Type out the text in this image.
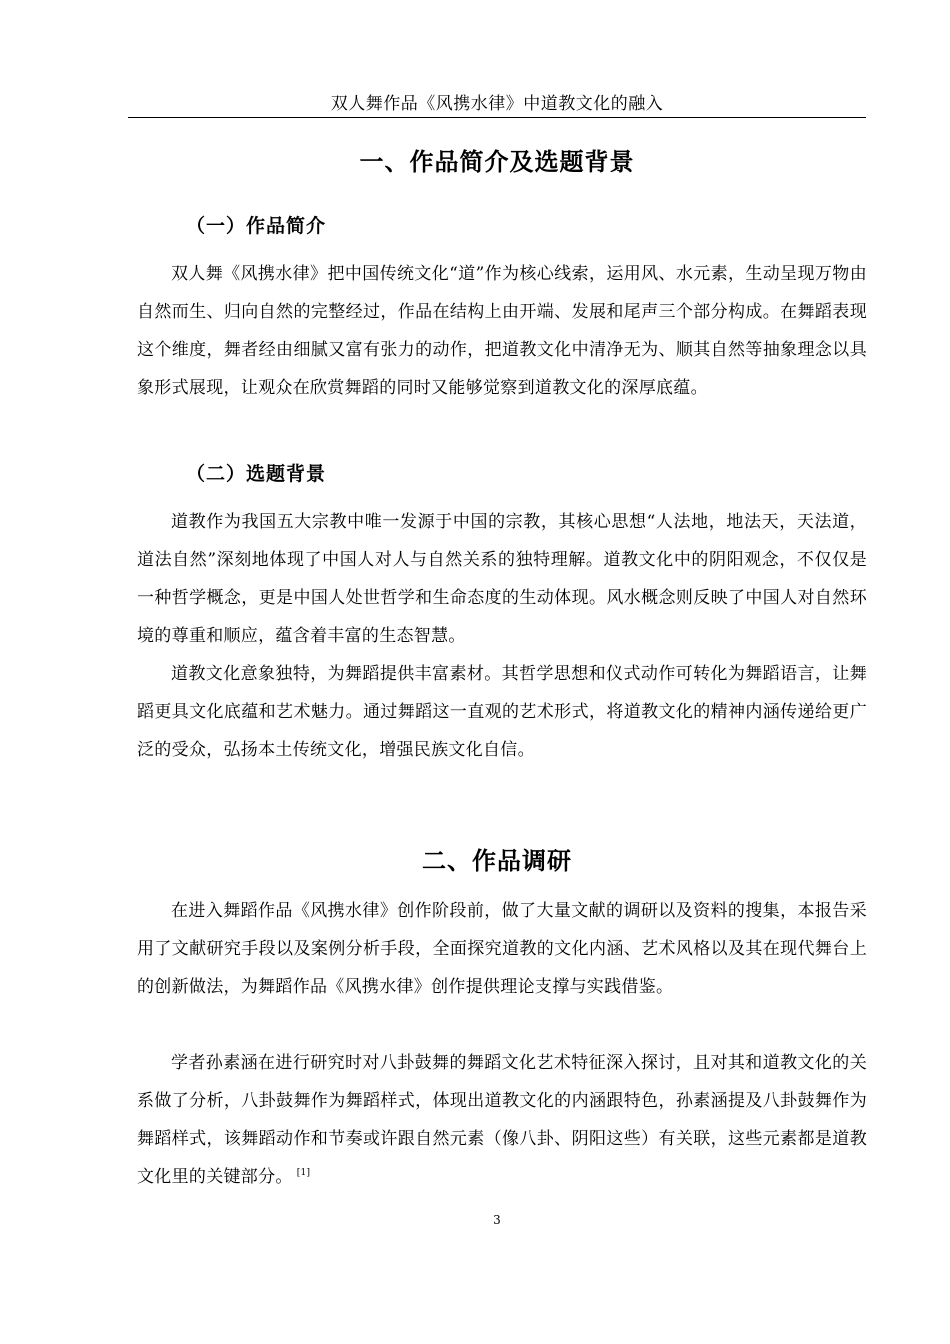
双人舞作品《风携水律》中道教文化的融入
一、作品简介及选题背景
（一）作品简介

双人舞《风携水律》把中国传统文化“道”作为核心线索，运用风、水元素，生动呈现万物由自然而生、归向自然的完整经过，作品在结构上由开端、发展和尾声三个部分构成。在舞蹈表现这个维度，舞者经由细腻又富有张力的动作，把道教文化中清净无为、顺其自然等抽象理念以具象形式展现，让观众在欣赏舞蹈的同时又能够觉察到道教文化的深厚底蕴。

（二）选题背景

道教作为我国五大宗教中唯一发源于中国的宗教，其核心思想“人法地，地法天，天法道，道法自然”深刻地体现了中国人对人与自然关系的独特理解。道教文化中的阴阳观念，不仅仅是一种哲学概念，更是中国人处世哲学和生命态度的生动体现。风水概念则反映了中国人对自然环境的尊重和顺应，蕴含着丰富的生态智慧。

道教文化意象独特，为舞蹈提供丰富素材。其哲学思想和仪式动作可转化为舞蹈语言，让舞蹈更具文化底蕴和艺术魅力。通过舞蹈这一直观的艺术形式，将道教文化的精神内涵传递给更广泛的受众，弘扬本土传统文化，增强民族文化自信。

二、作品调研

在进入舞蹈作品《风携水律》创作阶段前，做了大量文献的调研以及资料的搜集，本报告采用了文献研究手段以及案例分析手段，全面探究道教的文化内涵、艺术风格以及其在现代舞台上的创新做法，为舞蹈作品《风携水律》创作提供理论支撑与实践借鉴。

学者孙素涵在进行研究时对八卦鼓舞的舞蹈文化艺术特征深入探讨，且对其和道教文化的关系做了分析，八卦鼓舞作为舞蹈样式，体现出道教文化的内涵跟特色，孙素涵提及八卦鼓舞作为舞蹈样式，该舞蹈动作和节奏或许跟自然元素（像八卦、阴阳这些）有关联，这些元素都是道教文化里的关键部分。 [1]

3
